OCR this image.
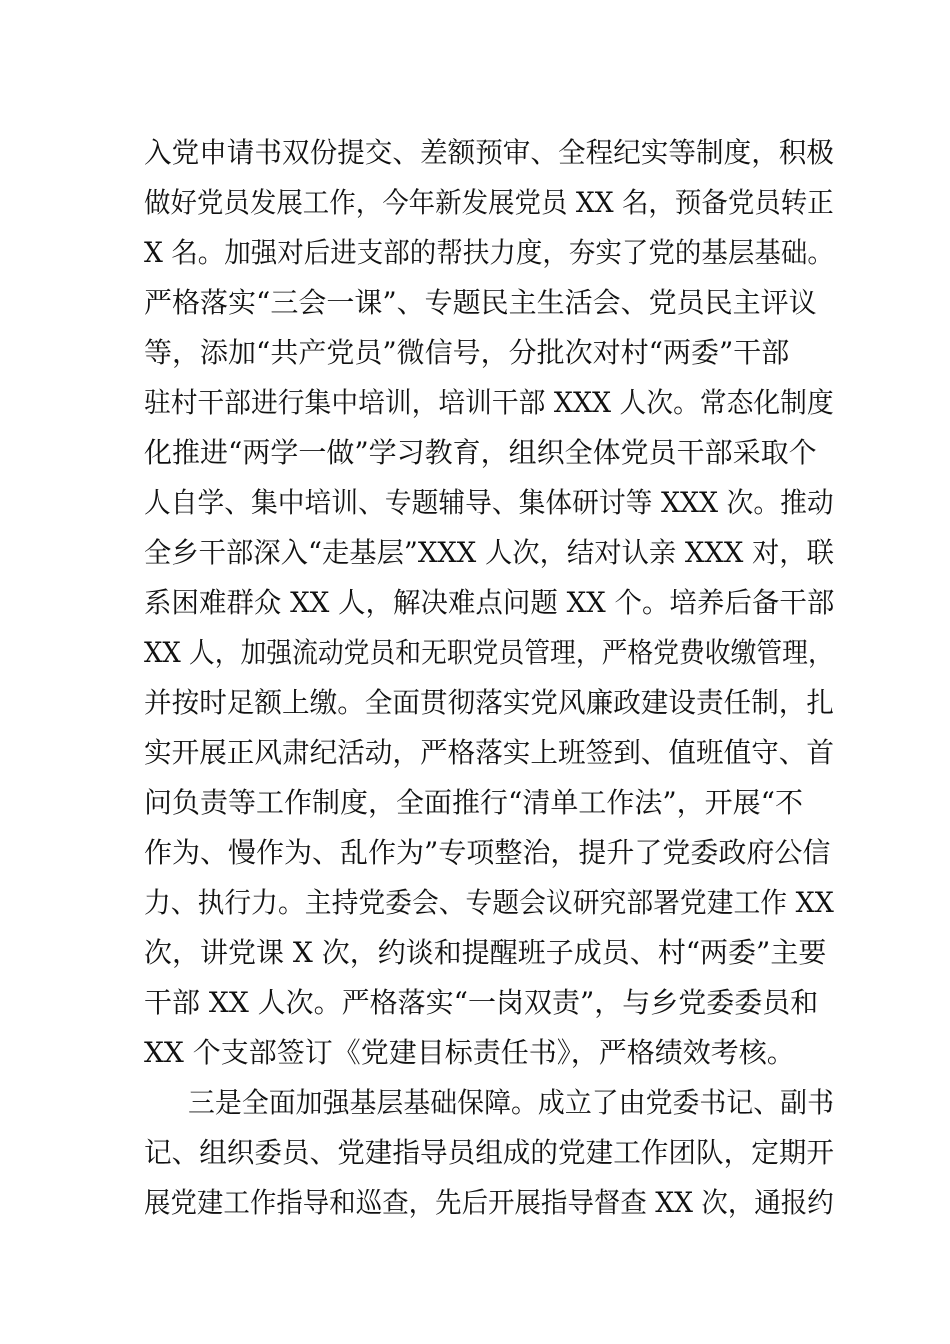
入党申请书双份提交、差额预审、全程纪实等制度，积极
做好党员发展工作，今年新发展党员 XX 名，预备党员转正
X 名。加强对后进支部的帮扶力度，夯实了党的基层基础。
严格落实“三会一课”、专题民主生活会、党员民主评议
等，添加“共产党员”微信号，分批次对村“两委”干部
驻村干部进行集中培训，培训干部 XXX 人次。常态化制度
化推进“两学一做”学习教育，组织全体党员干部采取个
人自学、集中培训、专题辅导、集体研讨等 XXX 次。推动
全乡干部深入“走基层”XXX 人次，结对认亲 XXX 对，联
系困难群众 XX 人，解决难点问题 XX 个。培养后备干部
XX 人，加强流动党员和无职党员管理，严格党费收缴管理，
并按时足额上缴。全面贯彻落实党风廉政建设责任制，扎
实开展正风肃纪活动，严格落实上班签到、值班值守、首
问负责等工作制度，全面推行“清单工作法”，开展“不
作为、慢作为、乱作为”专项整治，提升了党委政府公信
力、执行力。主持党委会、专题会议研究部署党建工作 XX
次，讲党课 X 次，约谈和提醒班子成员、村“两委”主要
干部 XX 人次。严格落实“一岗双责”，与乡党委委员和
XX 个支部签订《党建目标责任书》，严格绩效考核。
三是全面加强基层基础保障。成立了由党委书记、副书
记、组织委员、党建指导员组成的党建工作团队，定期开
展党建工作指导和巡查，先后开展指导督查 XX 次，通报约
